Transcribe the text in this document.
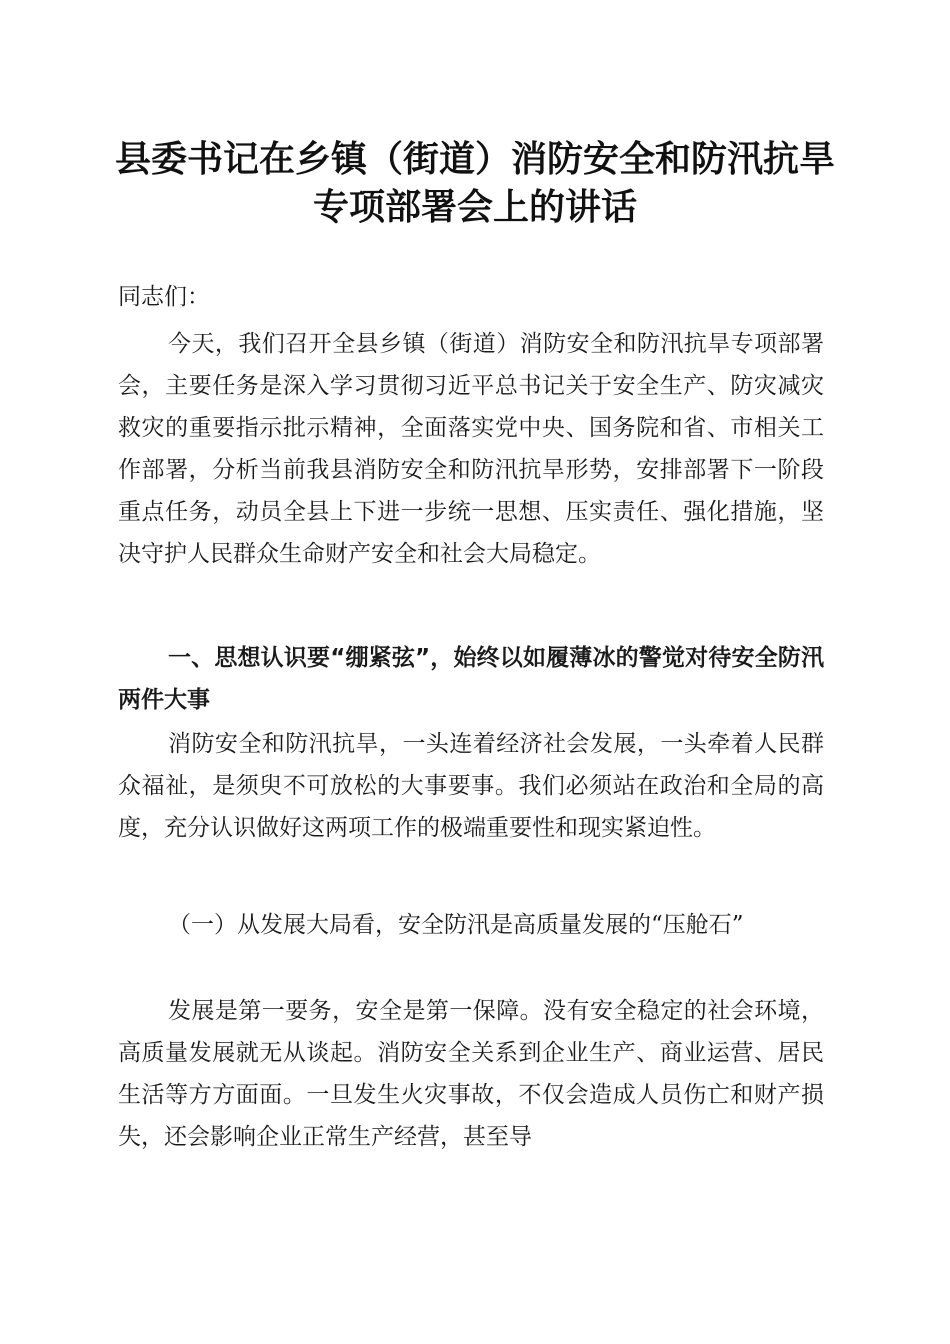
县委书记在乡镇（街道）消防安全和防汛抗旱
专项部署会上的讲话
同志们：
今天，我们召开全县乡镇（街道）消防安全和防汛抗旱专项部署会，主要任务是深入学习贯彻习近平总书记关于安全生产、防灾减灾救灾的重要指示批示精神，全面落实党中央、国务院和省、市相关工作部署，分析当前我县消防安全和防汛抗旱形势，安排部署下一阶段重点任务，动员全县上下进一步统一思想、压实责任、强化措施，坚决守护人民群众生命财产安全和社会大局稳定。
一、思想认识要“绷紧弦”，始终以如履薄冰的警觉对待安全防汛两件大事
消防安全和防汛抗旱，一头连着经济社会发展，一头牵着人民群众福祉，是须臾不可放松的大事要事。我们必须站在政治和全局的高度，充分认识做好这两项工作的极端重要性和现实紧迫性。
（一）从发展大局看，安全防汛是高质量发展的“压舱石”
发展是第一要务，安全是第一保障。没有安全稳定的社会环境，高质量发展就无从谈起。消防安全关系到企业生产、商业运营、居民生活等方方面面。一旦发生火灾事故，不仅会造成人员伤亡和财产损失，还会影响企业正常生产经营，甚至导
